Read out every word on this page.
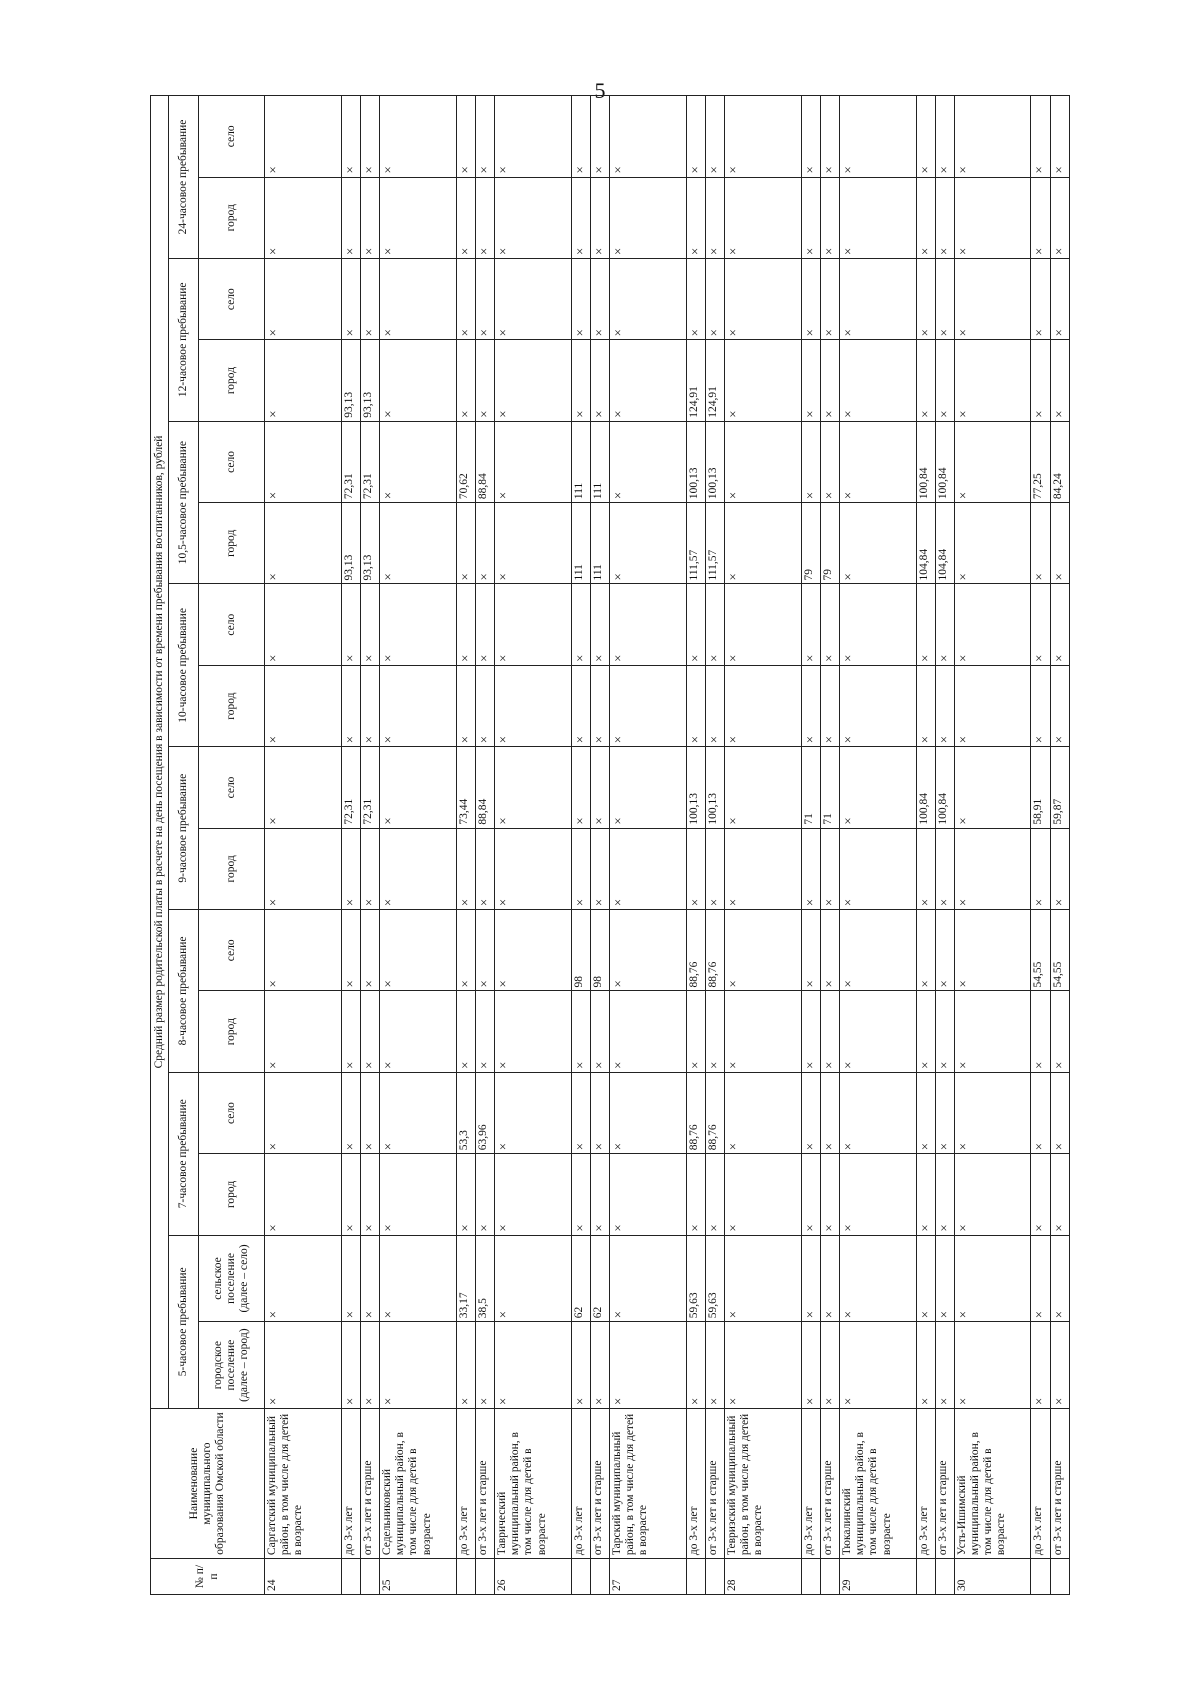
5
№ п/п	Наименование муниципального образования Омской области	Средний размер родительской платы в расчете на день посещения в зависимости от времени пребывания воспитанников, рублей															
		5-часовое пребывание		7-часовое пребывание		8-часовое пребывание		9-часовое пребывание		10-часовое пребывание		10,5-часовое пребывание		12-часовое пребывание		24-часовое пребывание	
		городское поселение (далее – город)	сельское поселение (далее – село)	город	село	город	село	город	село	город	село	город	село	город	село	город	село
24	Саргатский муниципальный район, в том числе для детей в возрасте	×	×	×	×	×	×	×	×	×	×	×	×	×	×	×	×
	до 3-х лет	×	×	×	×	×	×	×	72,31	×	×	93,13	72,31	93,13	×	×	×
	от 3-х лет и старше	×	×	×	×	×	×	×	72,31	×	×	93,13	72,31	93,13	×	×	×
25	Седельниковский муниципальный район, в том числе для детей в возрасте	×	×	×	×	×	×	×	×	×	×	×	×	×	×	×	×
	до 3-х лет	×	33,17	×	53,3	×	×	×	73,44	×	×	×	70,62	×	×	×	×
	от 3-х лет и старше	×	38,5	×	63,96	×	×	×	88,84	×	×	×	88,84	×	×	×	×
26	Таврический муниципальный район, в том числе для детей в возрасте	×	×	×	×	×	×	×	×	×	×	×	×	×	×	×	×
	до 3-х лет	×	62	×	×	×	98	×	×	×	×	111	111	×	×	×	×
	от 3-х лет и старше	×	62	×	×	×	98	×	×	×	×	111	111	×	×	×	×
27	Тарский муниципальный район, в том числе для детей в возрасте	×	×	×	×	×	×	×	×	×	×	×	×	×	×	×	×
	до 3-х лет	×	59,63	×	88,76	×	88,76	×	100,13	×	×	111,57	100,13	124,91	×	×	×
	от 3-х лет и старше	×	59,63	×	88,76	×	88,76	×	100,13	×	×	111,57	100,13	124,91	×	×	×
28	Тевризский муниципальный район, в том числе для детей в возрасте	×	×	×	×	×	×	×	×	×	×	×	×	×	×	×	×
	до 3-х лет	×	×	×	×	×	×	×	71	×	×	79	×	×	×	×	×
	от 3-х лет и старше	×	×	×	×	×	×	×	71	×	×	79	×	×	×	×	×
29	Тюкалинский муниципальный район, в том числе для детей в возрасте	×	×	×	×	×	×	×	×	×	×	×	×	×	×	×	×
	до 3-х лет	×	×	×	×	×	×	×	100,84	×	×	104,84	100,84	×	×	×	×
	от 3-х лет и старше	×	×	×	×	×	×	×	100,84	×	×	104,84	100,84	×	×	×	×
30	Усть-Ишимский муниципальный район, в том числе для детей в возрасте	×	×	×	×	×	×	×	×	×	×	×	×	×	×	×	×
	до 3-х лет	×	×	×	×	×	54,55	×	58,91	×	×	×	77,25	×	×	×	×
	от 3-х лет и старше	×	×	×	×	×	54,55	×	59,87	×	×	×	84,24	×	×	×	×
